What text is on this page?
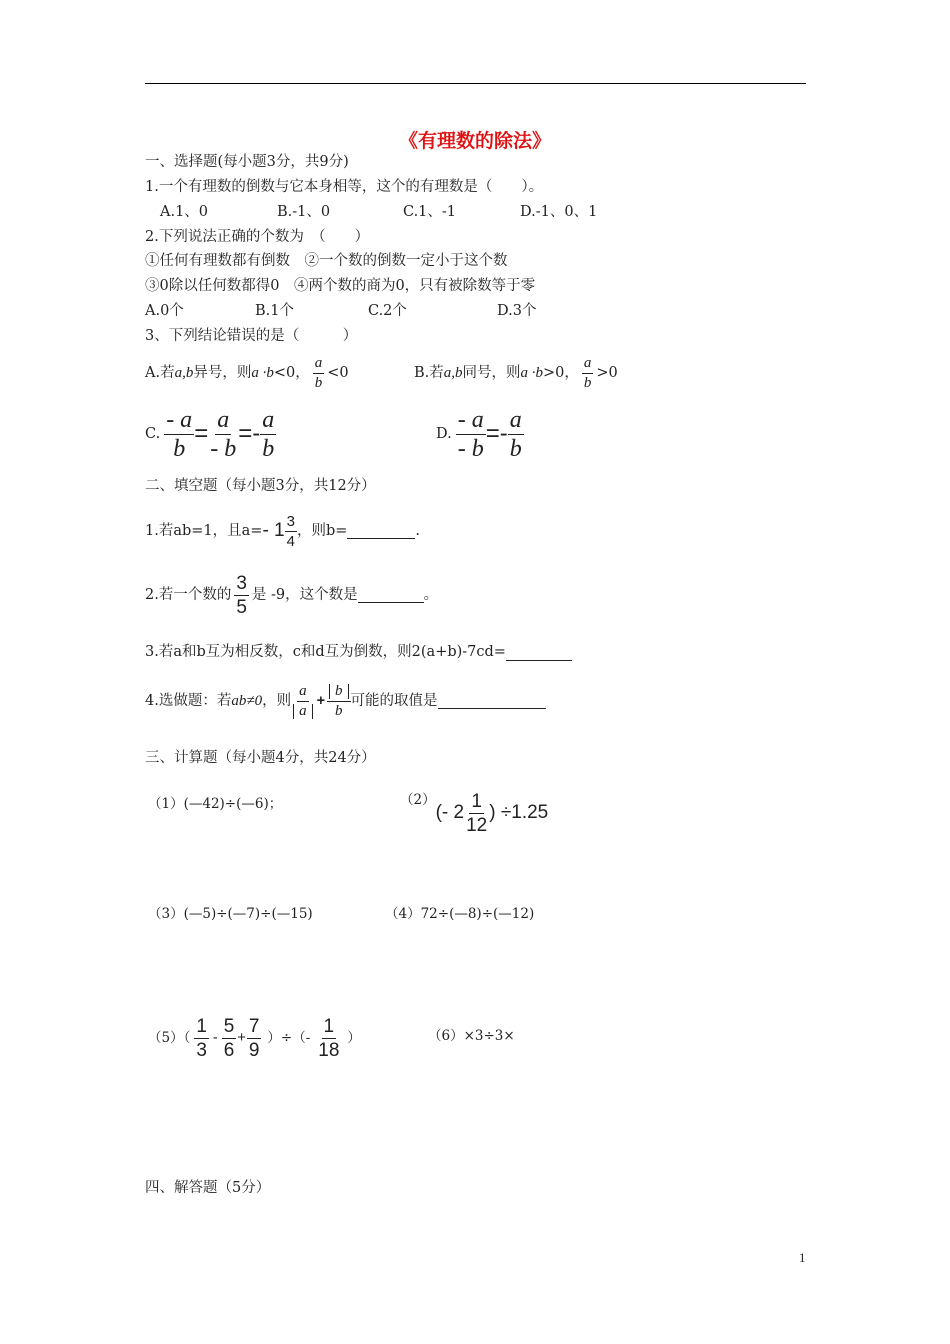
《有理数的除法》
一、选择题(每小题3分，共9分)
1.一个有理数的倒数与它本身相等，这个的有理数是（　　）。
A.1、0	B.-1、0	C.1、-1	D.-1、0、1
2.下列说法正确的个数为　（　　）
①任何有理数都有倒数　②一个数的倒数一定小于这个数
③0除以任何数都得0　④两个数的商为0，只有被除数等于零
A.0个	B.1个	C.2个	D.3个
3、下列结论错误的是（　　　）
A.若 a,b 异号，则 a ·b <0， $\frac{a}{b} <0$	B.若 a,b 同号，则 a ·b >0， $\frac{a}{b} >0$
C. $\frac{- a}{b} = \frac{a}{- b} =- \frac{a}{b}$	D. $\frac{- a}{- b} =- \frac{a}{b}$
二、填空题（每小题3分，共12分）
1.若ab=1，且$a= - 1 \frac{3}{4}$ ，则b=	.
2.若一个数的 $\frac{3}{5}$ 是 -9，这个数是	。
3.若a和b互为相反数，c和d互为倒数，则2(a+b)-7cd=
4.选做题：若 ab≠0 ，则 $\frac{a}{a} + \frac{b}{b}$ 可能的取值是
三、计算题（每小题4分，共24分）
（1）(—42)÷(—6)；	（2）
(- $2 \frac{1}{12}$ ) ÷1.25
（3）(—5)÷(—7)÷(—15)	（4）72÷(—8)÷(—12)
$(5)( \frac{1}{3} - \frac{5}{6} + \frac{7}{9}$ ）÷（- $\frac{1}{18}$ ）	（6）×3÷3×
四、解答题（5分）
1
